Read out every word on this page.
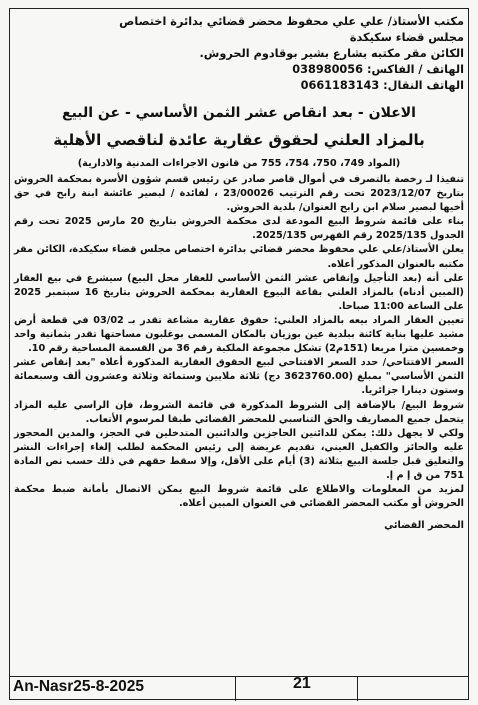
مكتب الأستاذ/ علي علي محفوظ محضر قضائي بدائرة اختصاص
مجلس قضاء سكيكدة
الكائن مقر مكتبه بشارع بشير بوقادوم الحروش.
الهاتف / الفاكس: 038980056
الهاتف النقال: 0661183143
الاعلان - بعد انقاص عشر الثمن الأساسي - عن البيع
بالمزاد العلني لحقوق عقارية عائدة لناقصي الأهلية
(المواد 749، 750، 754، 755 من قانون الاجراءات المدنية والادارية)

تنفيذا لـ رخصة بالتصرف في أموال قاصر صادر عن رئيس قسم شؤون الأسرة بمحكمة الحروش بتاريخ 2023/12/07 تحت رقم الترتيب 23/00026 ، لفائدة / لبصير عائشة ابنة رابح في حق أخيها لبصير سلام ابن رابح العنوان/ بلدية الحروش.

بناء على قائمة شروط البيع المودعة لدى محكمة الحروش بتاريخ 20 مارس 2025 تحت رقم الجدول 2025/135 رقم الفهرس 2025/135.

يعلن الأستاذ/علي علي محفوظ محضر قضائي بدائرة اختصاص مجلس قضاء سكيكدة، الكائن مقر مكتبه بالعنوان المذكور أعلاه.

على أنه (بعد التأجيل وإنقاص عشر الثمن الأساسي للعقار محل البيع) سيشرع في بيع العقار (المبين أدناه) بالمزاد العلني بقاعة البيوع العقارية بمحكمة الحروش بتاريخ 16 سبتمبر 2025 على الساعة 11:00 صباحا.

تعيين العقار المراد بيعه بالمزاد العلني: حقوق عقارية مشاعة تقدر بـ 03/02 في قطعة أرض مشيد عليها بناية كائنة ببلدية عين بوزيان بالمكان المسمى بوغلبون مساحتها تقدر بثمانية واحد وخمسين مترا مربعا (151م2) تشكل مجموعة الملكية رقم 36 من القسمة المساحية رقم 10.

السعر الافتتاحي/ حدد السعر الافتتاحي لبيع الحقوق العقارية المذكورة أعلاه "بعد إنقاص عشر الثمن الأساسي" بمبلغ (3623760.00 دج) ثلاثة ملايين وستمائة وثلاثة وعشرون ألف وسبعمائة وستون دينارا جزائريا.

شروط البيع/ بالإضافة إلى الشروط المذكورة في قائمة الشروط، فإن الراسي عليه المزاد يتحمل جميع المصاريف والحق التناسبي للمحضر القضائي طبقا لمرسوم الأتعاب.

ولكي لا يجهل ذلك: يمكن للدائنين الحاجزين والدائنين المتدخلين في الحجز، والمدين المحجوز عليه والحائز والكفيل العيني، تقديم عريضة إلى رئيس المحكمة لطلب إلغاء إجراءات النشر والتعليق قبل جلسة البيع بثلاثة (3) أيام على الأقل، وإلا سقط حقهم في ذلك حسب نص المادة 751 من ق إ م إ.

لمزيد من المعلومات والاطلاع على قائمة شروط البيع يمكن الاتصال بأمانة ضبط محكمة الحروش أو مكتب المحضر القضائي في العنوان المبين أعلاه.

المحضر القضائي
An-Nasr25-8-2025	21
